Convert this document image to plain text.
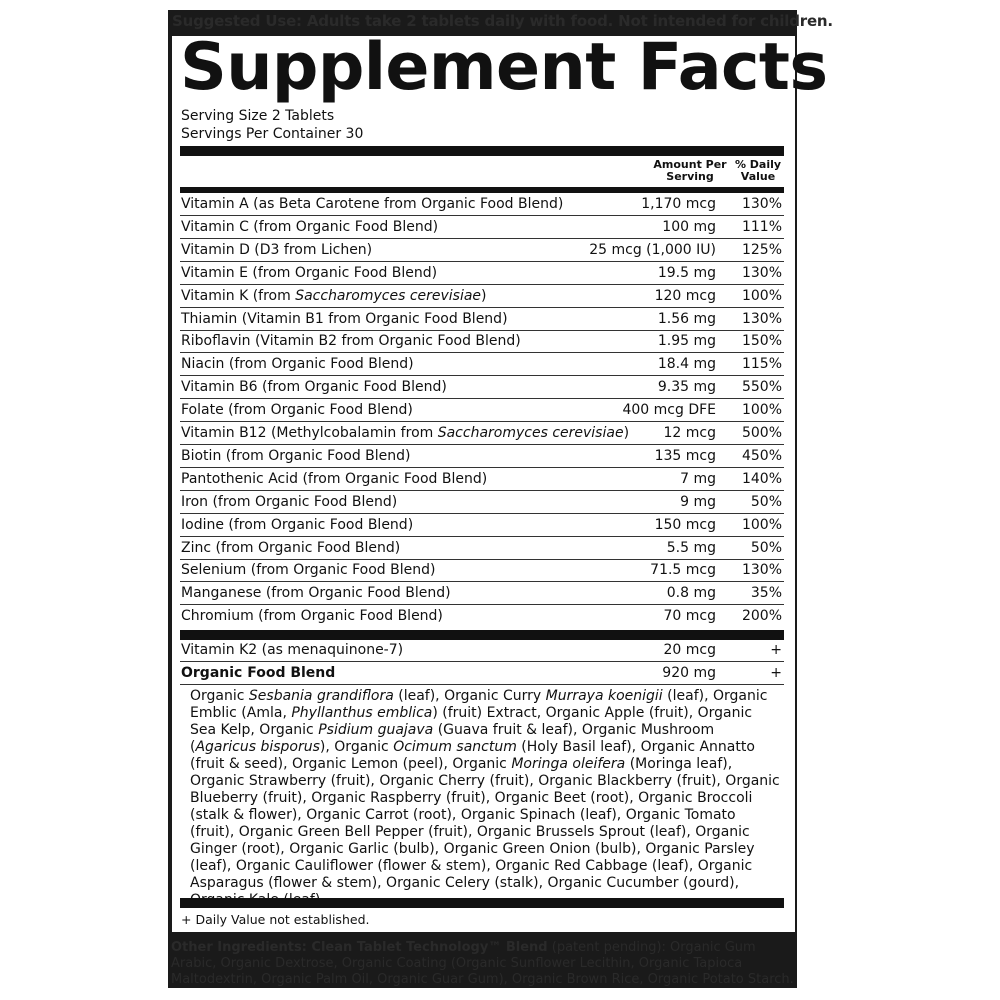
Suggested Use: Adults take 2 tablets daily with food. Not intended for children.
Other Ingredients: Clean Tablet Technology™ Blend (patent pending): Organic Gum Arabic, Organic Dextrose, Organic Coating (Organic Sunflower Lecithin, Organic Tapioca Maltodextrin, Organic Palm Oil, Organic Guar Gum), Organic Brown Rice, Organic Potato Starch.
Supplement Facts
Serving Size 2 Tablets
Servings Per Container 30
Amount Per
Serving
% Daily
Value
Vitamin A (as Beta Carotene from Organic Food Blend)	1,170 mcg 130%
Vitamin C (from Organic Food Blend)	100 mg 111%
Vitamin D (D3 from Lichen)	25 mcg (1,000 IU) 125%
Vitamin E (from Organic Food Blend)	19.5 mg 130%
Vitamin K (from Saccharomyces cerevisiae)	120 mcg 100%
Thiamin (Vitamin B1 from Organic Food Blend)	1.56 mg 130%
Riboflavin (Vitamin B2 from Organic Food Blend)	1.95 mg 150%
Niacin (from Organic Food Blend)	18.4 mg 115%
Vitamin B6 (from Organic Food Blend)	9.35 mg 550%
Folate (from Organic Food Blend)	400 mcg DFE 100%
Vitamin B12 (Methylcobalamin from Saccharomyces cerevisiae) 12 mcg 500%
Biotin (from Organic Food Blend)	135 mcg 450%
Pantothenic Acid (from Organic Food Blend)	7 mg 140%
Iron (from Organic Food Blend)	9 mg 50%
Iodine (from Organic Food Blend)	150 mcg 100%
Zinc (from Organic Food Blend)	5.5 mg 50%
Selenium (from Organic Food Blend)	71.5 mcg 130%
Manganese (from Organic Food Blend)	0.8 mg 35%
Chromium (from Organic Food Blend)	70 mcg 200%
Vitamin K2 (as menaquinone-7)	20 mcg	+
Organic Food Blend	920 mg	+
Organic Sesbania grandiflora (leaf), Organic Curry Murraya koenigii (leaf), Organic Emblic (Amla, Phyllanthus emblica) (fruit) Extract, Organic Apple (fruit), Organic Sea Kelp, Organic Psidium guajava (Guava fruit & leaf), Organic Mushroom (Agaricus bisporus), Organic Ocimum sanctum (Holy Basil leaf), Organic Annatto (fruit & seed), Organic Lemon (peel), Organic Moringa oleifera (Moringa leaf), Organic Strawberry (fruit), Organic Cherry (fruit), Organic Blackberry (fruit), Organic Blueberry (fruit), Organic Raspberry (fruit), Organic Beet (root), Organic Broccoli (stalk & flower), Organic Carrot (root), Organic Spinach (leaf), Organic Tomato (fruit), Organic Green Bell Pepper (fruit), Organic Brussels Sprout (leaf), Organic Ginger (root), Organic Garlic (bulb), Organic Green Onion (bulb), Organic Parsley (leaf), Organic Cauliflower (flower & stem), Organic Red Cabbage (leaf), Organic Asparagus (flower & stem), Organic Celery (stalk), Organic Cucumber (gourd),
+ Daily Value not established.
